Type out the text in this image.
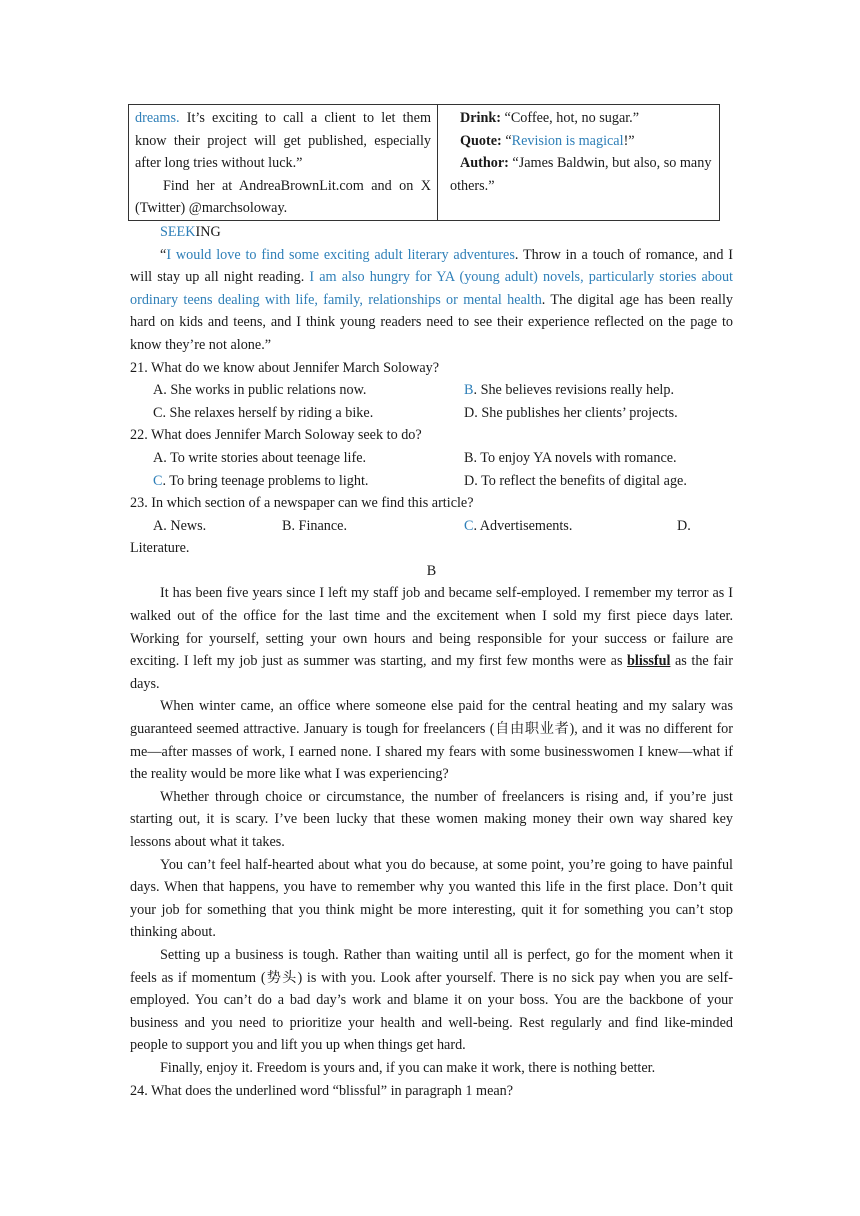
dreams. It’s exciting to call a client to let them know their project will get published, especially after long tries without luck.”
Find her at AndreaBrownLit.com and on X (Twitter) @marchsoloway.

Drink: “Coffee, hot, no sugar.”
Quote: “Revision is magical!”
Author: “James Baldwin, but also, so many others.”
SEEKING

“I would love to find some exciting adult literary adventures. Throw in a touch of romance, and I will stay up all night reading. I am also hungry for YA (young adult) novels, particularly stories about ordinary teens dealing with life, family, relationships or mental health. The digital age has been really hard on kids and teens, and I think young readers need to see their experience reflected on the page to know they’re not alone.”

21. What do we know about Jennifer March Soloway?
A. She works in public relations now.	B. She believes revisions really help.
C. She relaxes herself by riding a bike.	D. She publishes her clients’ projects.
22. What does Jennifer March Soloway seek to do?
A. To write stories about teenage life.	B. To enjoy YA novels with romance.
C. To bring teenage problems to light.	D. To reflect the benefits of digital age.
23. In which section of a newspaper can we find this article?
A. News.	B. Finance.	C. Advertisements.	D.
Literature.
B

It has been five years since I left my staff job and became self-employed. I remember my terror as I walked out of the office for the last time and the excitement when I sold my first piece days later. Working for yourself, setting your own hours and being responsible for your success or failure are exciting. I left my job just as summer was starting, and my first few months were as blissful as the fair days.

When winter came, an office where someone else paid for the central heating and my salary was guaranteed seemed attractive. January is tough for freelancers (自由职业者), and it was no different for me—after masses of work, I earned none. I shared my fears with some businesswomen I knew—what if the reality would be more like what I was experiencing?

Whether through choice or circumstance, the number of freelancers is rising and, if you’re just starting out, it is scary. I’ve been lucky that these women making money their own way shared key lessons about what it takes.

You can’t feel half-hearted about what you do because, at some point, you’re going to have painful days. When that happens, you have to remember why you wanted this life in the first place. Don’t quit your job for something that you think might be more interesting, quit it for something you can’t stop thinking about.

Setting up a business is tough. Rather than waiting until all is perfect, go for the moment when it feels as if momentum (势头) is with you. Look after yourself. There is no sick pay when you are self-employed. You can’t do a bad day’s work and blame it on your boss. You are the backbone of your business and you need to prioritize your health and well-being. Rest regularly and find like-minded people to support you and lift you up when things get hard.

Finally, enjoy it. Freedom is yours and, if you can make it work, there is nothing better.

24. What does the underlined word “blissful” in paragraph 1 mean?
